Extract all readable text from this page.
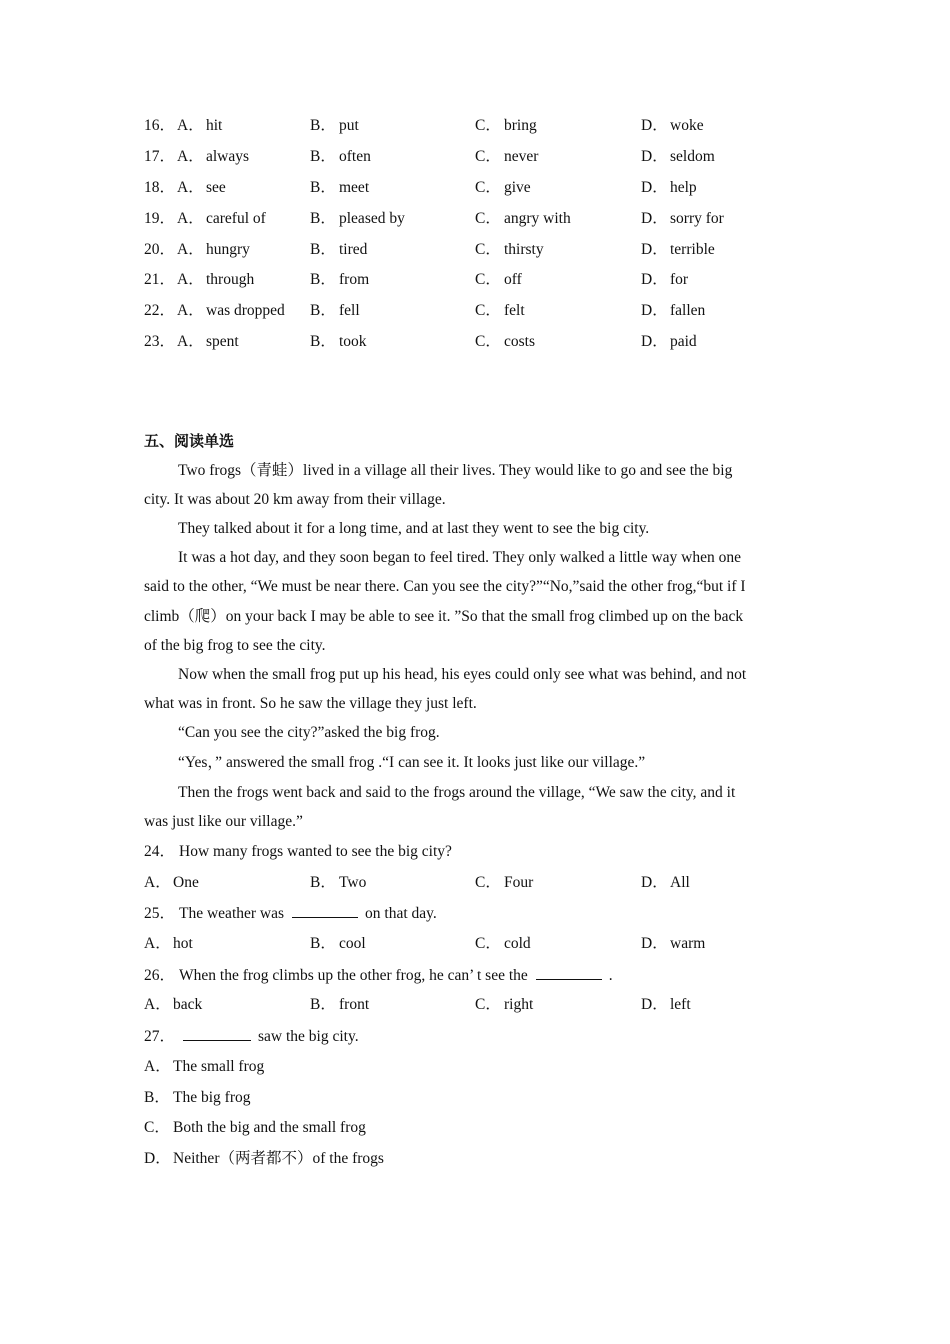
16． A． hit	B． put	C． bring	D． woke
17． A． always	B． often	C． never	D． seldom
18． A． see	B． meet	C． give	D． help
19． A． careful of	B． pleased by	C． angry with	D． sorry for
20． A． hungry	B． tired	C． thirsty	D． terrible
21． A． through	B． from	C． off	D． for
22． A． was dropped B． fell	C． felt	D． fallen
23． A． spent	B． took	C． costs	D． paid
五、阅读单选
Two frogs（青蛙）lived in a village all their lives. They would like to go and see the big
city. It was about 20 km away from their village.
They talked about it for a long time, and at last they went to see the big city.
It was a hot day, and they soon began to feel tired. They only walked a little way when one
said to the other, “We must be near there. Can you see the city?”“No,”said the other frog,“but if I
climb（爬）on your back I may be able to see it. ”So that the small frog climbed up on the back
of the big frog to see the city.
Now when the small frog put up his head, his eyes could only see what was behind, and not
what was in front. So he saw the village they just left.
“Can you see the city?”asked the big frog.
“Yes，” answered the small frog .“I can see it. It looks just like our village.”
Then the frogs went back and said to the frogs around the village, “We saw the city, and it
was just like our village.”
24． How many frogs wanted to see the big city?
A． One	B． Two	C． Four	D． All
25． The weather was	on that day.
A． hot	B． cool	C． cold	D． warm
26． When the frog climbs up the other frog, he can’ t see the	.
A． back	B． front	C． right	D． left
27．	saw the big city.
A． The small frog
B． The big frog
C． Both the big and the small frog
D． Neither（两者都不）of the frogs
